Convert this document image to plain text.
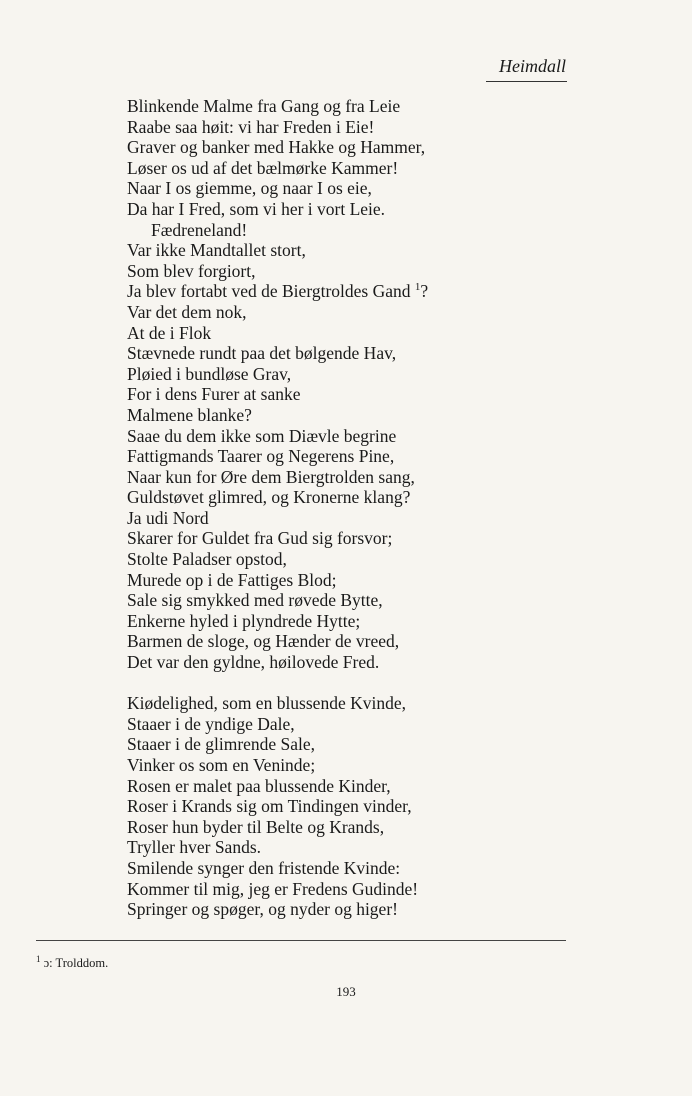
Heimdall
Blinkende Malme fra Gang og fra Leie
Raabe saa høit: vi har Freden i Eie!
Graver og banker med Hakke og Hammer,
Løser os ud af det bælmørke Kammer!
Naar I os giemme, og naar I os eie,
Da har I Fred, som vi her i vort Leie.
Fædreneland!
Var ikke Mandtallet stort,
Som blev forgiort,
Ja blev fortabt ved de Biergtroldes Gand $^1$?
Var det dem nok,
At de i Flok
Stævnede rundt paa det bølgende Hav,
Pløied i bundløse Grav,
For i dens Furer at sanke
Malmene blanke?
Saae du dem ikke som Diævle begrine
Fattigmands Taarer og Negerens Pine,
Naar kun for Øre dem Biergtrolden sang,
Guldstøvet glimred, og Kronerne klang?
Ja udi Nord
Skarer for Guldet fra Gud sig forsvor;
Stolte Paladser opstod,
Murede op i de Fattiges Blod;
Sale sig smykked med røvede Bytte,
Enkerne hyled i plyndrede Hytte;
Barmen de sloge, og Hænder de vreed,
Det var den gyldne, høilovede Fred.
Kiødelighed, som en blussende Kvinde,
Staaer i de yndige Dale,
Staaer i de glimrende Sale,
Vinker os som en Veninde;
Rosen er malet paa blussende Kinder,
Roser i Krands sig om Tindingen vinder,
Roser hun byder til Belte og Krands,
Tryller hver Sands.
Smilende synger den fristende Kvinde:
Kommer til mig, jeg er Fredens Gudinde!
Springer og spøger, og nyder og higer!
$^1$ ɔ: Trolddom.
193
